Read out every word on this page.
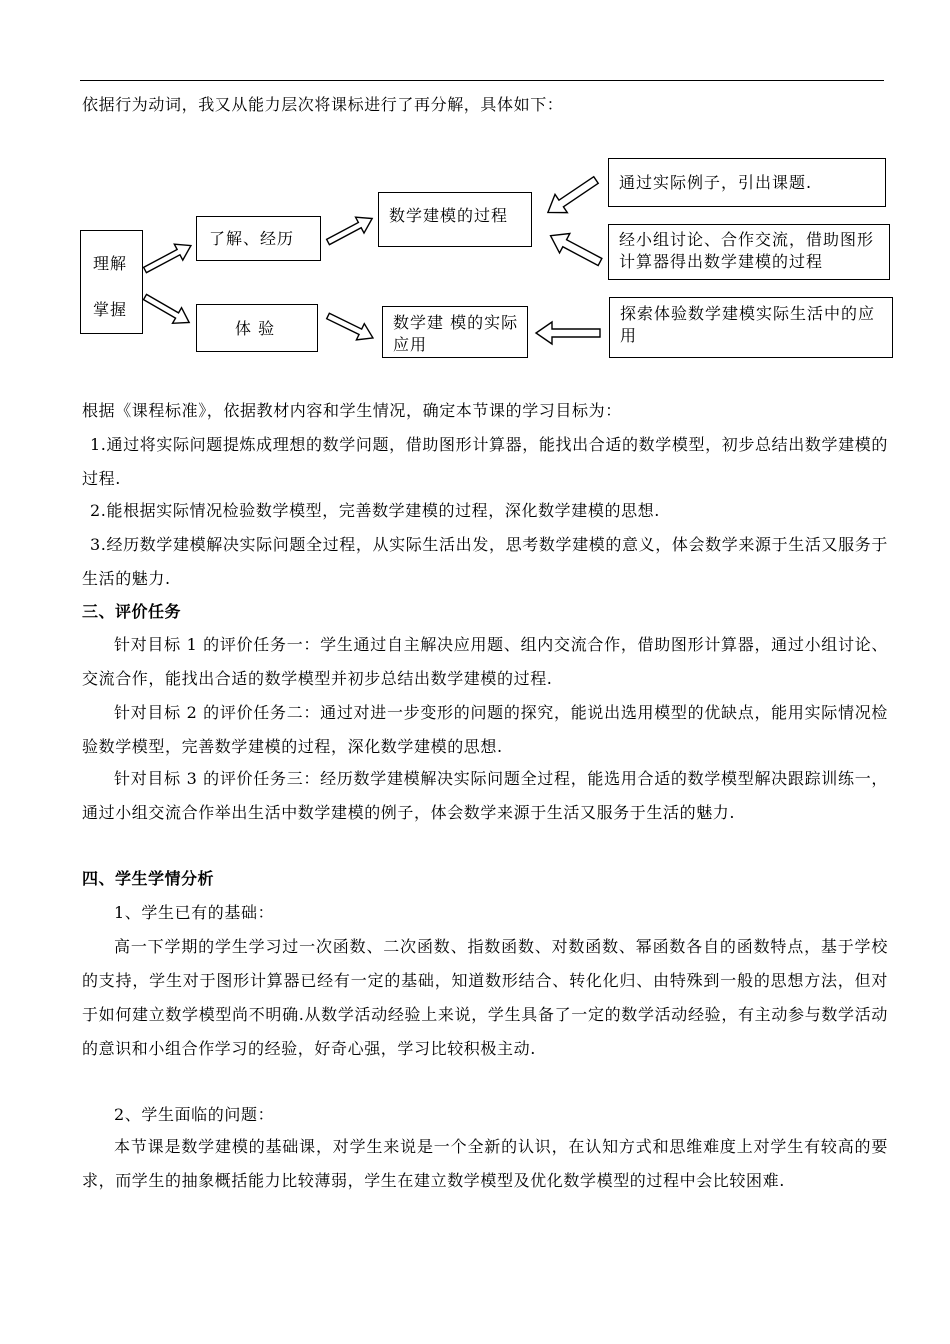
依据行为动词，我又从能力层次将课标进行了再分解，具体如下：

理解
掌握
了解、经历
体 验
数学建模的过程
数学建 模的实际应用
通过实际例子，引出课题.
经小组讨论、合作交流，借助图形计算器得出数学建模的过程
探索体验数学建模实际生活中的应用

根据《课程标准》，依据教材内容和学生情况，确定本节课的学习目标为：

1.通过将实际问题提炼成理想的数学问题，借助图形计算器，能找出合适的数学模型，初步总结出数学建模的过程.

2.能根据实际情况检验数学模型，完善数学建模的过程，深化数学建模的思想.

3.经历数学建模解决实际问题全过程，从实际生活出发，思考数学建模的意义，体会数学来源于生活又服务于生活的魅力.

三、评价任务

针对目标 1 的评价任务一：学生通过自主解决应用题、组内交流合作，借助图形计算器，通过小组讨论、交流合作，能找出合适的数学模型并初步总结出数学建模的过程.

针对目标 2 的评价任务二：通过对进一步变形的问题的探究，能说出选用模型的优缺点，能用实际情况检验数学模型，完善数学建模的过程，深化数学建模的思想.

针对目标 3 的评价任务三：经历数学建模解决实际问题全过程，能选用合适的数学模型解决跟踪训练一，通过小组交流合作举出生活中数学建模的例子，体会数学来源于生活又服务于生活的魅力.

四、学生学情分析

1、学生已有的基础：

高一下学期的学生学习过一次函数、二次函数、指数函数、对数函数、幂函数各自的函数特点，基于学校的支持，学生对于图形计算器已经有一定的基础，知道数形结合、转化化归、由特殊到一般的思想方法，但对于如何建立数学模型尚不明确.从数学活动经验上来说，学生具备了一定的数学活动经验，有主动参与数学活动的意识和小组合作学习的经验，好奇心强，学习比较积极主动.

2、学生面临的问题：

本节课是数学建模的基础课，对学生来说是一个全新的认识，在认知方式和思维难度上对学生有较高的要求，而学生的抽象概括能力比较薄弱，学生在建立数学模型及优化数学模型的过程中会比较困难.
